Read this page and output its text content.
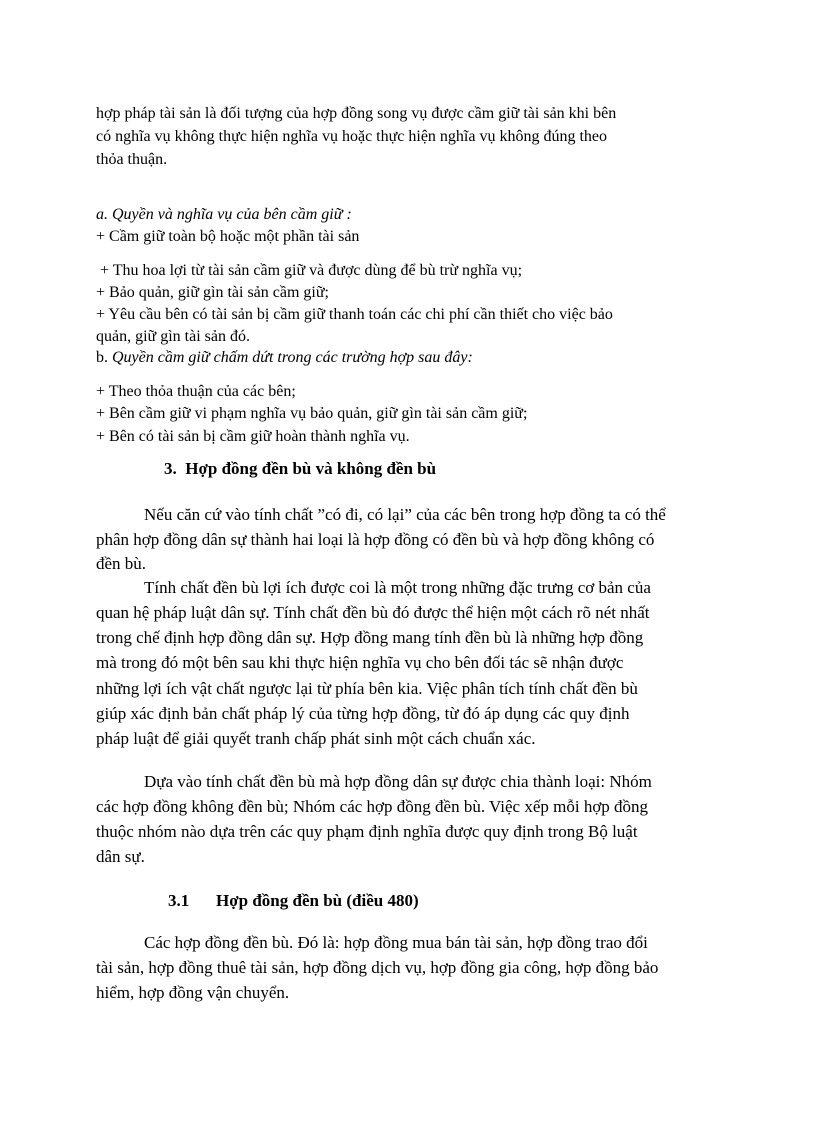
hợp pháp tài sản là đối tượng của hợp đồng song vụ được cầm giữ tài sản khi bên
có nghĩa vụ không thực hiện nghĩa vụ hoặc thực hiện nghĩa vụ không đúng theo
thỏa thuận.
a. Quyền và nghĩa vụ của bên cầm giữ :
+ Cầm giữ toàn bộ hoặc một phần tài sản
+ Thu hoa lợi từ tài sản cầm giữ và được dùng để bù trừ nghĩa vụ;
+ Bảo quản, giữ gìn tài sản cầm giữ;
+ Yêu cầu bên có tài sản bị cầm giữ thanh toán các chi phí cần thiết cho việc bảo
quản, giữ gìn tài sản đó.
b. Quyền cầm giữ chấm dứt trong các trường hợp sau đây:
+ Theo thỏa thuận của các bên;
+ Bên cầm giữ vi phạm nghĩa vụ bảo quản, giữ gìn tài sản cầm giữ;
+ Bên có tài sản bị cầm giữ hoàn thành nghĩa vụ.
3. Hợp đồng đền bù và không đền bù
Nếu căn cứ vào tính chất ”có đi, có lại” của các bên trong hợp đồng ta có thể
phân hợp đồng dân sự thành hai loại là hợp đồng có đền bù và hợp đồng không có
đền bù.
Tính chất đền bù lợi ích được coi là một trong những đặc trưng cơ bản của
quan hệ pháp luật dân sự. Tính chất đền bù đó được thể hiện một cách rõ nét nhất
trong chế định hợp đồng dân sự. Hợp đồng mang tính đền bù là những hợp đồng
mà trong đó một bên sau khi thực hiện nghĩa vụ cho bên đối tác sẽ nhận được
những lợi ích vật chất ngược lại từ phía bên kia. Việc phân tích tính chất đền bù
giúp xác định bản chất pháp lý của từng hợp đồng, từ đó áp dụng các quy định
pháp luật để giải quyết tranh chấp phát sinh một cách chuẩn xác.
Dựa vào tính chất đền bù mà hợp đồng dân sự được chia thành loại: Nhóm
các hợp đồng không đền bù; Nhóm các hợp đồng đền bù. Việc xếp mỗi hợp đồng
thuộc nhóm nào dựa trên các quy phạm định nghĩa được quy định trong Bộ luật
dân sự.
3.1 Hợp đồng đền bù (điều 480)
Các hợp đồng đền bù. Đó là: hợp đồng mua bán tài sản, hợp đồng trao đổi
tài sản, hợp đồng thuê tài sản, hợp đồng dịch vụ, hợp đồng gia công, hợp đồng bảo
hiểm, hợp đồng vận chuyển.
